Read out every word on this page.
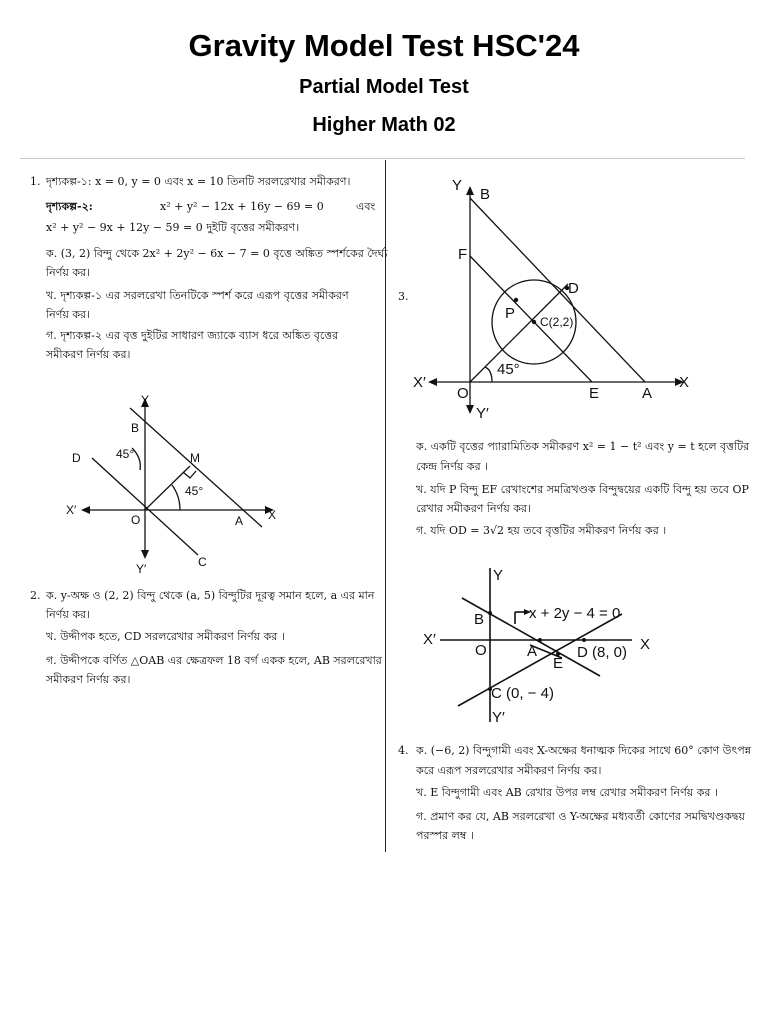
Gravity Model Test HSC'24
Partial Model Test
Higher Math 02
1. দৃশ্যকল্প-১: x = 0, y = 0 এবং x = 10 তিনটি সরলরেখার সমীকরণ।
দৃশ্যকল্প-২:	x² + y² − 12x + 16y − 69 = 0	এবং
x² + y² − 9x + 12y − 59 = 0 দুইটি বৃত্তের সমীকরণ।
ক. (3, 2) বিন্দু থেকে 2x² + 2y² − 6x − 7 = 0 বৃত্তে অঙ্কিত স্পর্শকের দৈর্ঘ্য
নির্ণয় কর।
খ. দৃশ্যকল্প-১ এর সরলরেখা তিনটিকে স্পর্শ করে এরূপ বৃত্তের সমীকরণ
নির্ণয় কর।
গ. দৃশ্যকল্প-২ এর বৃত্ত দুইটির সাধারণ জ্যাকে ব্যাস ধরে অঙ্কিত বৃত্তের
সমীকরণ নির্ণয় কর।
Y
B
D	45°	M
45°
X′
O	A X
Y′	C
2. ক. y-অক্ষ ও (2, 2) বিন্দু থেকে (a, 5) বিন্দুটির দূরত্ব সমান হলে, a এর মান
নির্ণয় কর।
খ. উদ্দীপক হতে, CD সরলরেখার সমীকরণ নির্ণয় কর ।
গ. উদ্দীপকে বর্ণিত △OAB এর ক্ষেত্রফল 18 বর্গ একক হলে, AB সরলরেখার
সমীকরণ নির্ণয় কর।
Y
B
F
D
P C(2,2)
45°
X′
O	E	A
X
Y′
3.
ক. একটি বৃত্তের প্যারামিতিক সমীকরণ x² = 1 − t² এবং y = t হলে বৃত্তটির
কেন্দ্র নির্ণয় কর ।
খ. যদি P বিন্দু EF রেখাংশের সমত্রিখণ্ডক বিন্দুদ্বয়ের একটি বিন্দু হয় তবে OP
রেখার সমীকরণ নির্ণয় কর।
গ. যদি OD = 3√2 হয় তবে বৃত্তটির সমীকরণ নির্ণয় কর ।
Y
B	x + 2y − 4 = 0
X′
O	A	D (8, 0)
E
X
C (0, − 4)
Y′
4. ক. (−6, 2) বিন্দুগামী এবং X-অক্ষের ধনাত্মক দিকের সাথে 60° কোণ উৎপন্ন
করে এরূপ সরলরেখার সমীকরণ নির্ণয় কর।
খ. E বিন্দুগামী এবং AB রেখার উপর লম্ব রেখার সমীকরণ নির্ণয় কর ।
গ. প্রমাণ কর যে, AB সরলরেখা ও Y-অক্ষের মধ্যবর্তী কোণের সমদ্বিখণ্ডকদ্বয়
পরস্পর লম্ব ।
